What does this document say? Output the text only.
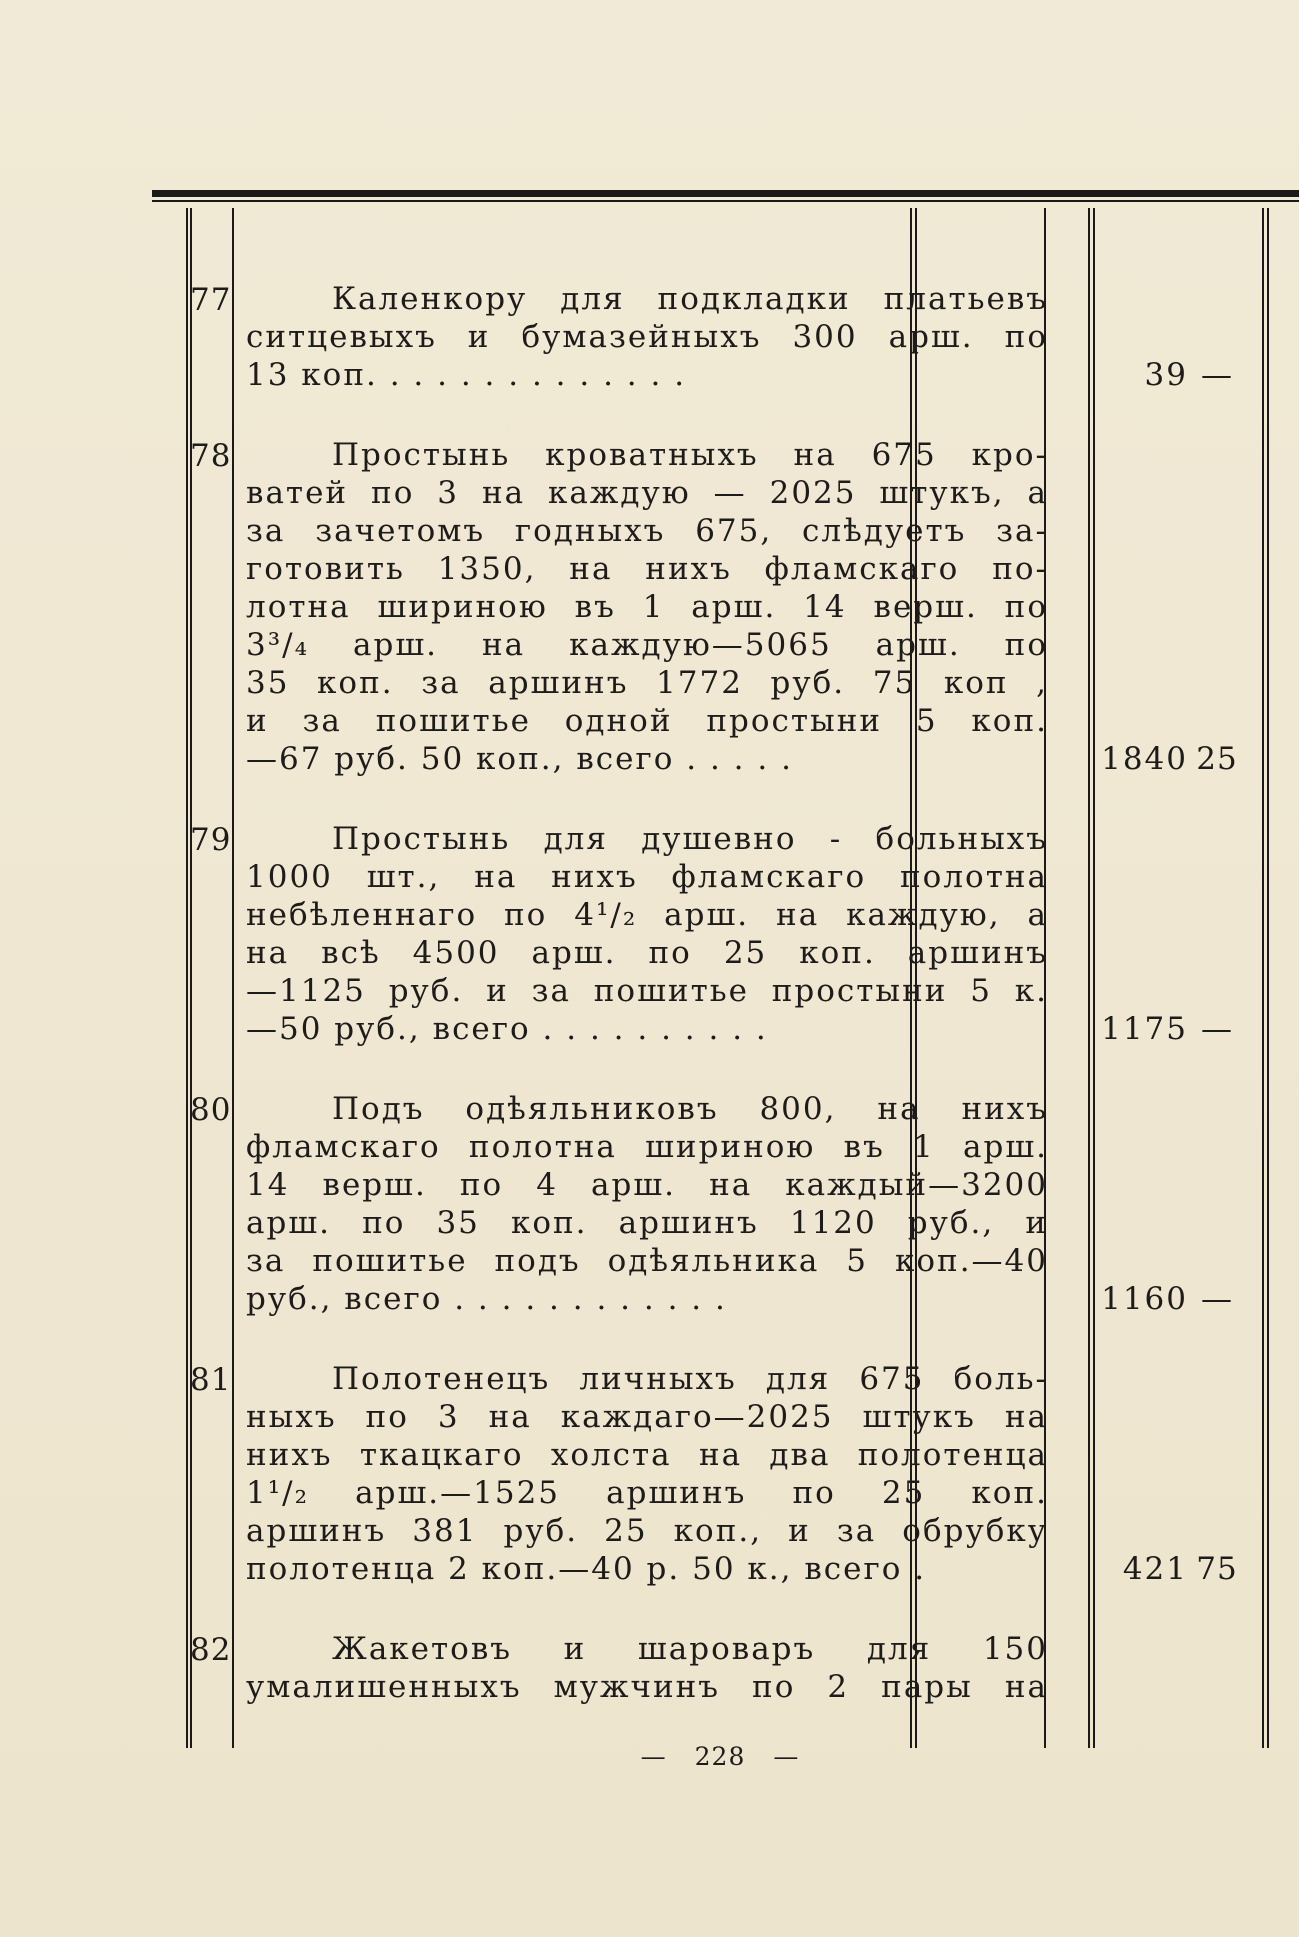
77	Каленкору для подкладки платьевъ
ситцевыхъ и бумазейныхъ 300 арш. по
13 коп. . . . . . . . . . . . . .	39 —
78	Простынь кроватныхъ на 675 кро-
ватей по 3 на каждую — 2025 штукъ, а
за зачетомъ годныхъ 675, слѣдуетъ за-
готовить 1350, на нихъ фламскаго по-
лотна шириною въ 1 арш. 14 верш. по
3³/₄ арш. на каждую—5065 арш. по
35 коп. за аршинъ 1772 руб. 75 коп ,
и за пошитье одной простыни 5 коп.
—67 руб. 50 коп., всего . . . . .	1840 25
79	Простынь для душевно - больныхъ
1000 шт., на нихъ фламскаго полотна
небѣленнаго по 4¹/₂ арш. на каждую, а
на всѣ 4500 арш. по 25 коп. аршинъ
—1125 руб. и за пошитье простыни 5 к.
—50 руб., всего . . . . . . . . . .	1175 —
80	Подъ одѣяльниковъ 800, на нихъ
фламскаго полотна шириною въ 1 арш.
14 верш. по 4 арш. на каждый—3200
арш. по 35 коп. аршинъ 1120 руб., и
за пошитье подъ одѣяльника 5 коп.—40
руб., всего . . . . . . . . . . . .	1160 —
81	Полотенецъ личныхъ для 675 боль-
ныхъ по 3 на каждаго—2025 штукъ на
нихъ ткацкаго холста на два полотенца
1¹/₂ арш.—1525 аршинъ по 25 коп.
аршинъ 381 руб. 25 коп., и за обрубку
полотенца 2 коп.—40 р. 50 к., всего .	421 75
82	Жакетовъ и шароваръ для 150
умалишенныхъ мужчинъ по 2 пары на
— 228 —
